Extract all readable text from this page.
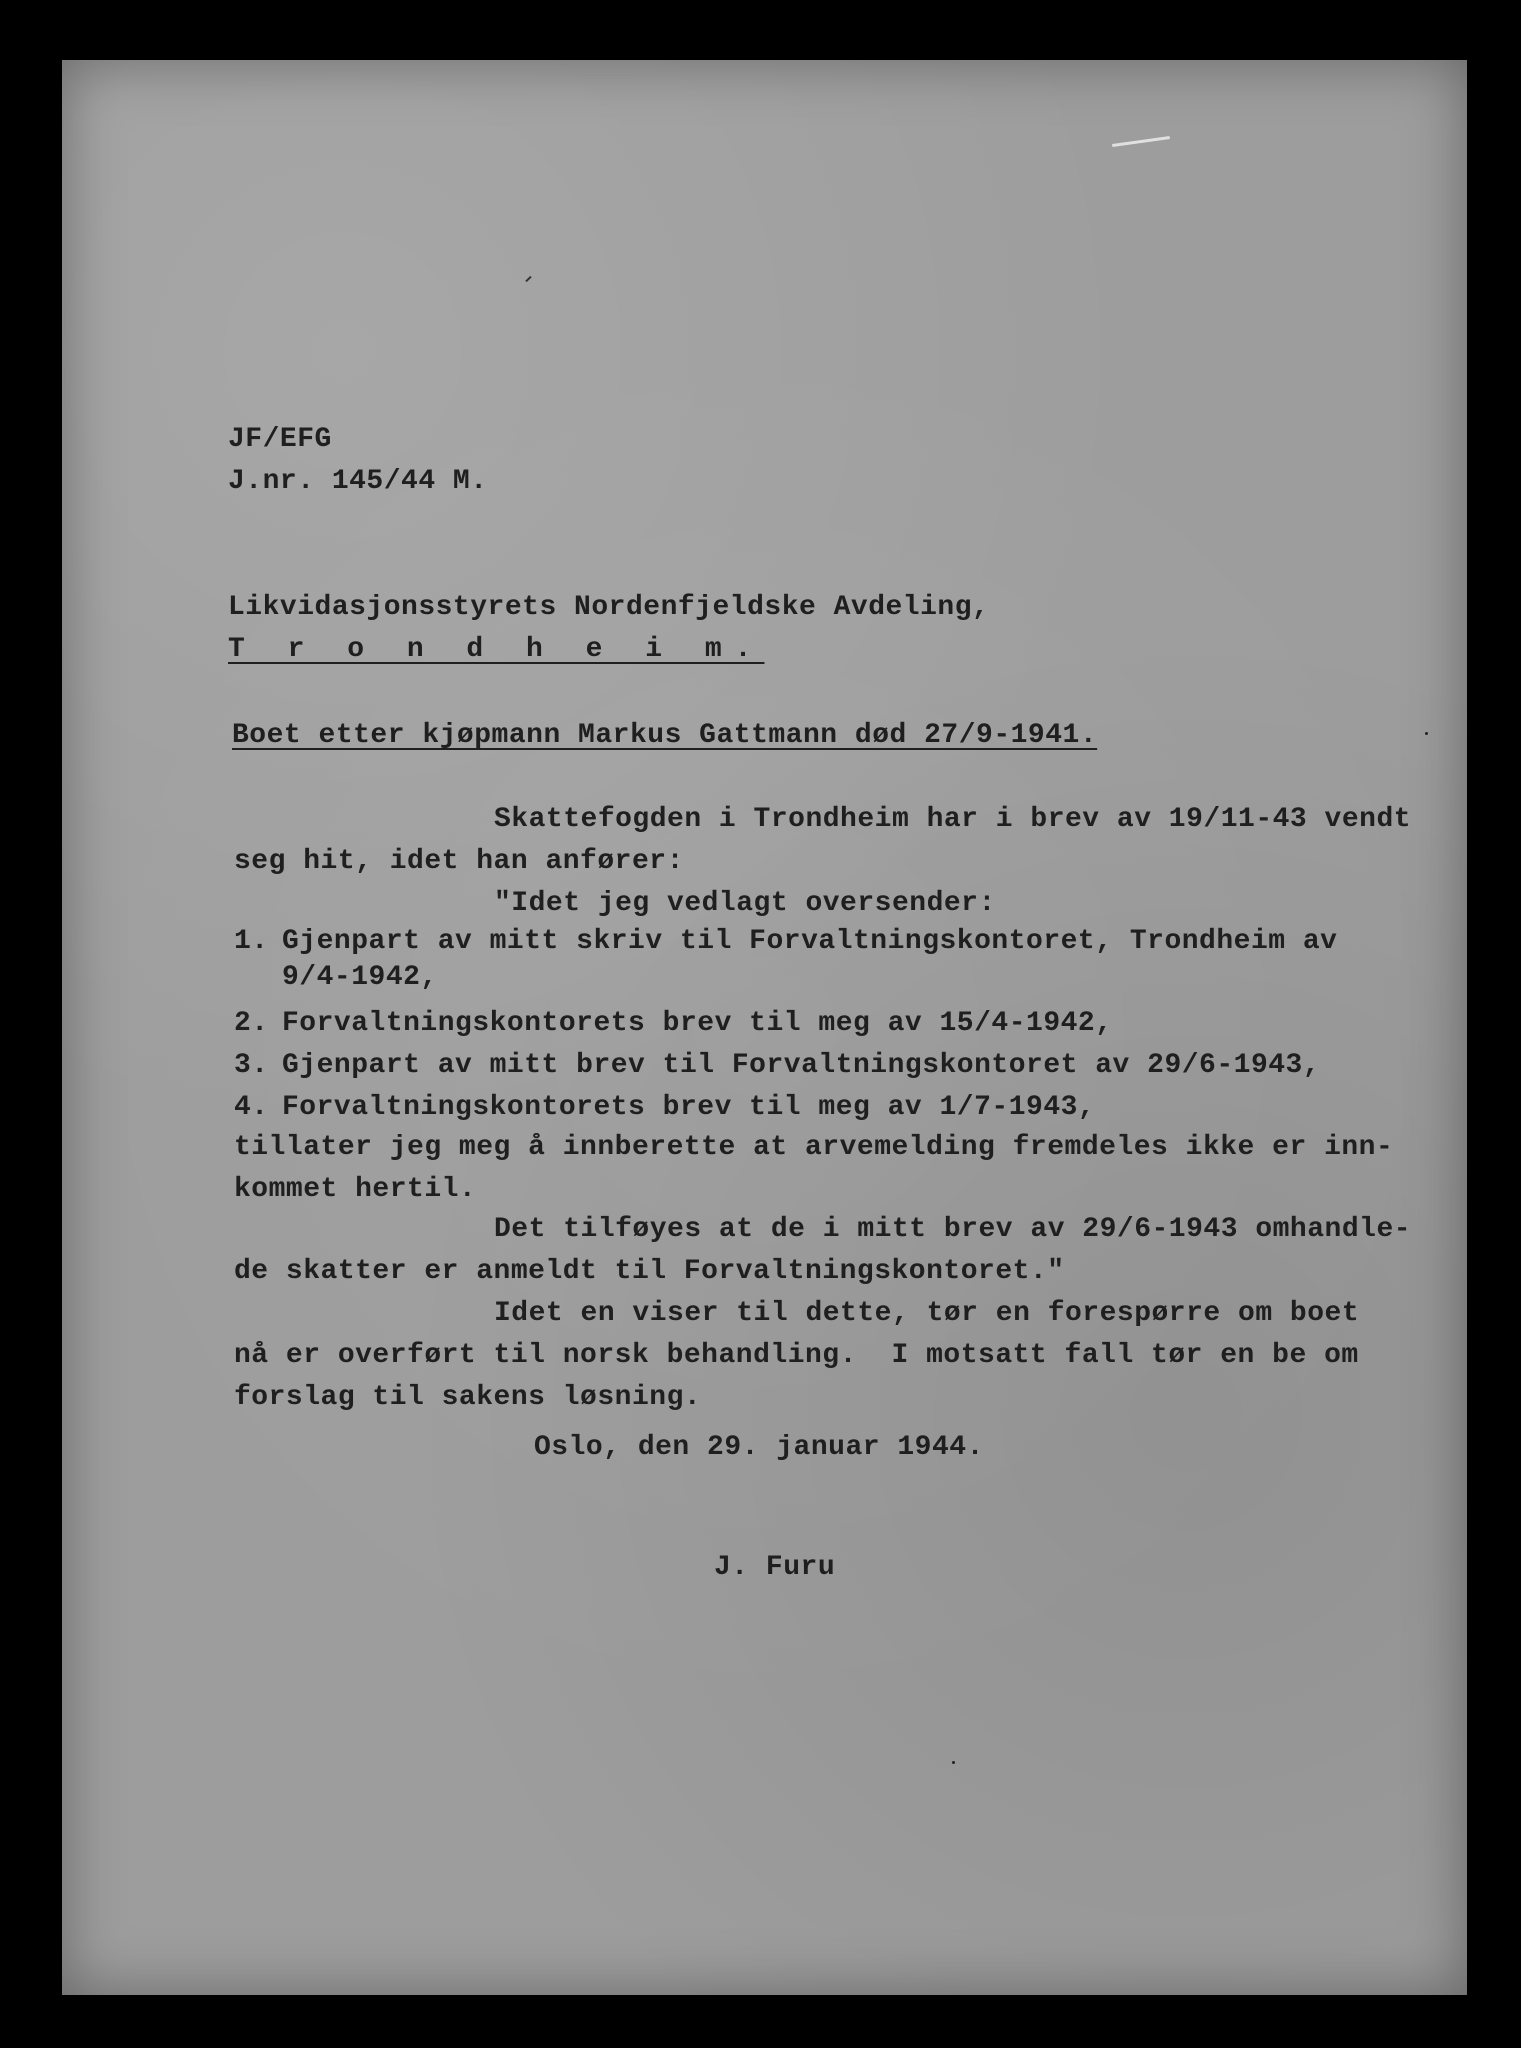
JF/EFG
J.nr. 145/44 M.
Likvidasjonsstyrets Nordenfjeldske Avdeling,
T r o n d h e i m.
Boet etter kjøpmann Markus Gattmann død 27/9-1941.
Skattefogden i Trondheim har i brev av 19/11-43 vendt
seg hit, idet han anfører:
"Idet jeg vedlagt oversender:
1. Gjenpart av mitt skriv til Forvaltningskontoret, Trondheim av
9/4-1942,
2. Forvaltningskontorets brev til meg av 15/4-1942,
3. Gjenpart av mitt brev til Forvaltningskontoret av 29/6-1943,
4. Forvaltningskontorets brev til meg av 1/7-1943,
tillater jeg meg å innberette at arvemelding fremdeles ikke er inn-
kommet hertil.
Det tilføyes at de i mitt brev av 29/6-1943 omhandle-
de skatter er anmeldt til Forvaltningskontoret."
Idet en viser til dette, tør en forespørre om boet
nå er overført til norsk behandling.  I motsatt fall tør en be om
forslag til sakens løsning.
Oslo, den 29. januar 1944.
J. Furu
